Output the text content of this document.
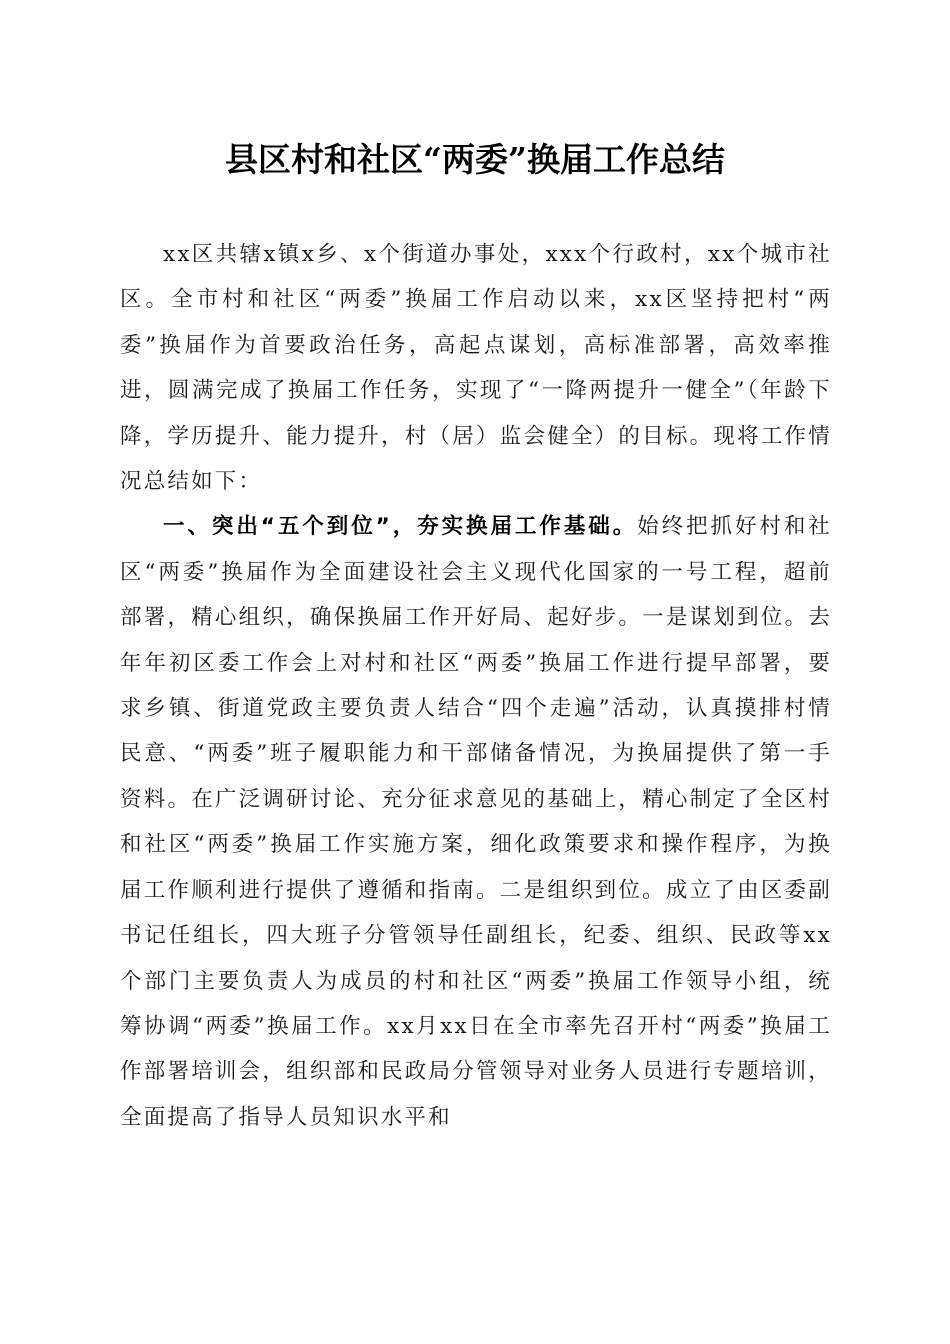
县区村和社区“两委”换届工作总结

xx区共辖x镇x乡、x个街道办事处，xxx个行政村，xx个城市社区。全市村和社区“两委”换届工作启动以来，xx区坚持把村“两委”换届作为首要政治任务，高起点谋划，高标准部署，高效率推进，圆满完成了换届工作任务，实现了“一降两提升一健全”（年龄下降，学历提升、能力提升，村（居）监会健全）的目标。现将工作情况总结如下：

一、突出“五个到位”，夯实换届工作基础。始终把抓好村和社区“两委”换届作为全面建设社会主义现代化国家的一号工程，超前部署，精心组织，确保换届工作开好局、起好步。一是谋划到位。去年年初区委工作会上对村和社区“两委”换届工作进行提早部署，要求乡镇、街道党政主要负责人结合“四个走遍”活动，认真摸排村情民意、“两委”班子履职能力和干部储备情况，为换届提供了第一手资料。在广泛调研讨论、充分征求意见的基础上，精心制定了全区村和社区“两委”换届工作实施方案，细化政策要求和操作程序，为换届工作顺利进行提供了遵循和指南。二是组织到位。成立了由区委副书记任组长，四大班子分管领导任副组长，纪委、组织、民政等xx个部门主要负责人为成员的村和社区“两委”换届工作领导小组，统筹协调“两委”换届工作。xx月xx日在全市率先召开村“两委”换届工作部署培训会，组织部和民政局分管领导对业务人员进行专题培训，全面提高了指导人员知识水平和
